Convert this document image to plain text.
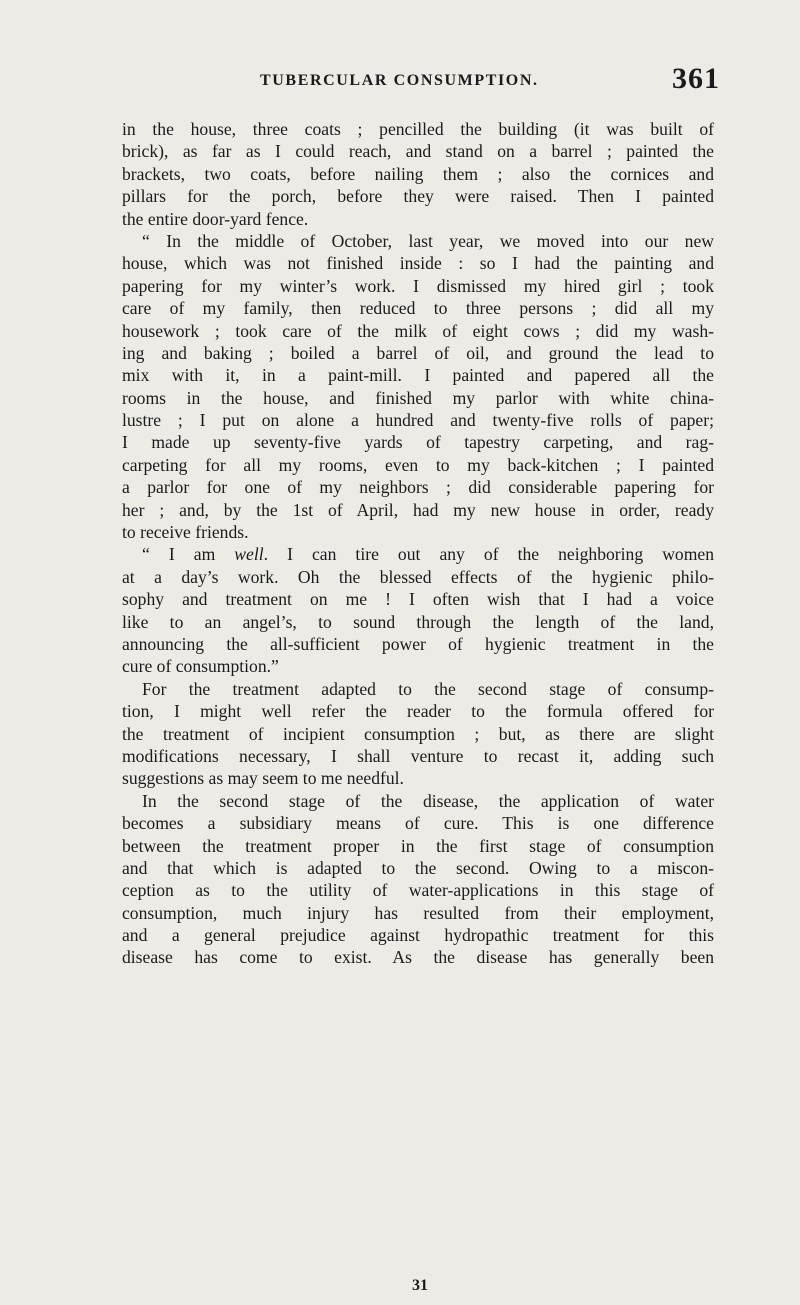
TUBERCULAR CONSUMPTION.	361
in the house, three coats ; pencilled the building (it was built of
brick), as far as I could reach, and stand on a barrel ; painted the
brackets, two coats, before nailing them ; also the cornices and
pillars for the porch, before they were raised. Then I painted
the entire door-yard fence.
“ In the middle of October, last year, we moved into our new
house, which was not finished inside : so I had the painting and
papering for my winter’s work. I dismissed my hired girl ; took
care of my family, then reduced to three persons ; did all my
housework ; took care of the milk of eight cows ; did my wash-
ing and baking ; boiled a barrel of oil, and ground the lead to
mix with it, in a paint-mill. I painted and papered all the
rooms in the house, and finished my parlor with white china-
lustre ; I put on alone a hundred and twenty-five rolls of paper;
I made up seventy-five yards of tapestry carpeting, and rag-
carpeting for all my rooms, even to my back-kitchen ; I painted
a parlor for one of my neighbors ; did considerable papering for
her ; and, by the 1st of April, had my new house in order, ready
to receive friends.
“ I am well. I can tire out any of the neighboring women
at a day’s work. Oh the blessed effects of the hygienic philo-
sophy and treatment on me ! I often wish that I had a voice
like to an angel’s, to sound through the length of the land,
announcing the all-sufficient power of hygienic treatment in the
cure of consumption.”
For the treatment adapted to the second stage of consump-
tion, I might well refer the reader to the formula offered for
the treatment of incipient consumption ; but, as there are slight
modifications necessary, I shall venture to recast it, adding such
suggestions as may seem to me needful.
In the second stage of the disease, the application of water
becomes a subsidiary means of cure. This is one difference
between the treatment proper in the first stage of consumption
and that which is adapted to the second. Owing to a miscon-
ception as to the utility of water-applications in this stage of
consumption, much injury has resulted from their employment,
and a general prejudice against hydropathic treatment for this
disease has come to exist. As the disease has generally been
31
